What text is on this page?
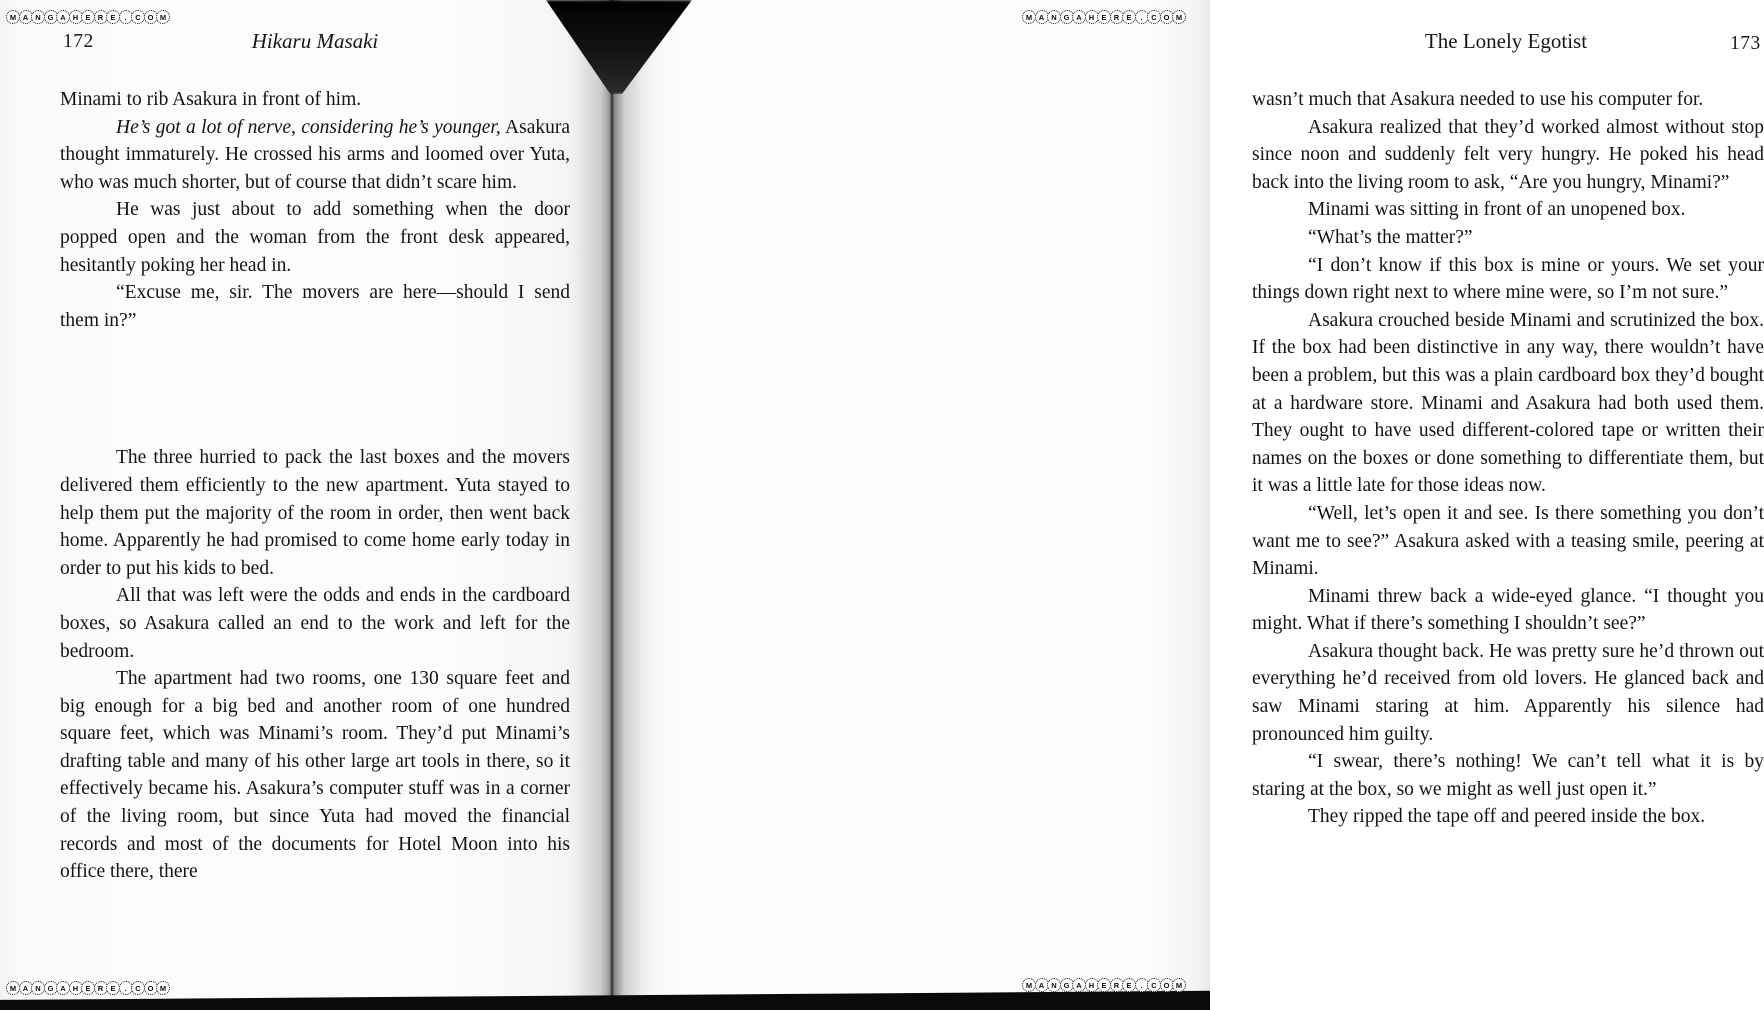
172	Hikaru Masaki

Minami to rib Asakura in front of him.

He’s got a lot of nerve, considering he’s younger, Asakura thought immaturely. He crossed his arms and loomed over Yuta, who was much shorter, but of course that didn’t scare him.

He was just about to add something when the door popped open and the woman from the front desk appeared, hesitantly poking her head in.

“Excuse me, sir. The movers are here—should I send them in?”

The three hurried to pack the last boxes and the movers delivered them efficiently to the new apartment. Yuta stayed to help them put the majority of the room in order, then went back home. Apparently he had promised to come home early today in order to put his kids to bed.

All that was left were the odds and ends in the cardboard boxes, so Asakura called an end to the work and left for the bedroom.

The apartment had two rooms, one 130 square feet and big enough for a big bed and another room of one hundred square feet, which was Minami’s room. They’d put Minami’s drafting table and many of his other large art tools in there, so it effectively became his. Asakura’s computer stuff was in a corner of the living room, but since Yuta had moved the financial records and most of the documents for Hotel Moon into his office there, there

The Lonely Egotist	173

wasn’t much that Asakura needed to use his computer for.

Asakura realized that they’d worked almost without stop since noon and suddenly felt very hungry. He poked his head back into the living room to ask, “Are you hungry, Minami?”

Minami was sitting in front of an unopened box.

“What’s the matter?”

“I don’t know if this box is mine or yours. We set your things down right next to where mine were, so I’m not sure.”

Asakura crouched beside Minami and scrutinized the box. If the box had been distinctive in any way, there wouldn’t have been a problem, but this was a plain cardboard box they’d bought at a hardware store. Minami and Asakura had both used them. They ought to have used different-colored tape or written their names on the boxes or done something to differentiate them, but it was a little late for those ideas now.

“Well, let’s open it and see. Is there something you don’t want me to see?” Asakura asked with a teasing smile, peering at Minami.

Minami threw back a wide-eyed glance. “I thought you might. What if there’s something I shouldn’t see?”

Asakura thought back. He was pretty sure he’d thrown out everything he’d received from old lovers. He glanced back and saw Minami staring at him. Apparently his silence had pronounced him guilty.

“I swear, there’s nothing! We can’t tell what it is by staring at the box, so we might as well just open it.”

They ripped the tape off and peered inside the box.

M A N G A H E R E	.	C O M	M A N G A H E R E	.	C O M
M A N G A H E R E	.	C O M	M A N G A H E R E	.	C O M
